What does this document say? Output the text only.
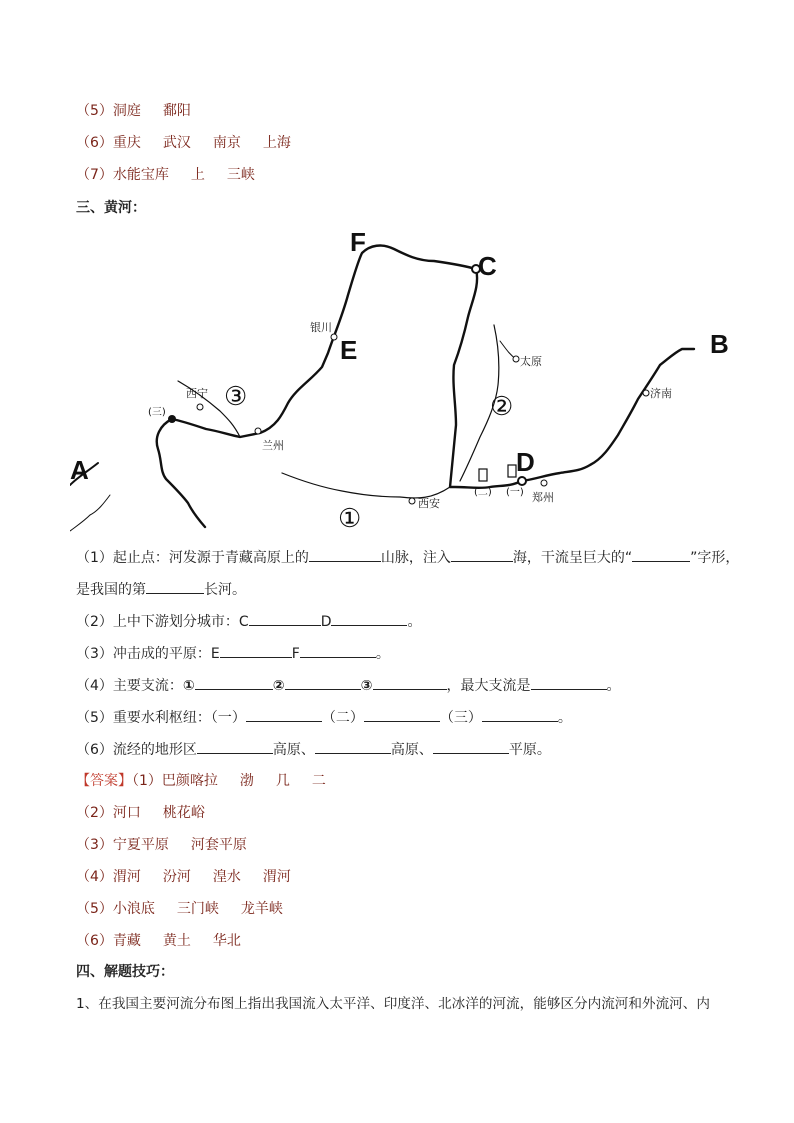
（5）洞庭 鄱阳
（6）重庆 武汉 南京 上海
（7）水能宝库 上 三峡
三、黄河：
A
B
C
D
E
F
银川
西宁
兰州
太原
西安	郑州
济南
①
②
③
(一)
(二)
(三)
（1）起止点：河发源于青藏高原上的	山脉，注入	海，干流呈巨大的“	”字形，
是我国的第	长河。
（2）上中下游划分城市：C	D	。
（3）冲击成的平原：E	F	。
（4）主要支流：①	②	③	，最大支流是	。
（5）重要水利枢纽：（一）	（二）	（三）	。
（6）流经的地形区	高原、	高原、	平原。
【答案】（1）巴颜喀拉 渤 几 二
（2）河口 桃花峪
（3）宁夏平原 河套平原
（4）渭河 汾河 湟水 渭河
（5）小浪底 三门峡 龙羊峡
（6）青藏 黄土 华北
四、解题技巧：
1、在我国主要河流分布图上指出我国流入太平洋、印度洋、北冰洋的河流，能够区分内流河和外流河、内
